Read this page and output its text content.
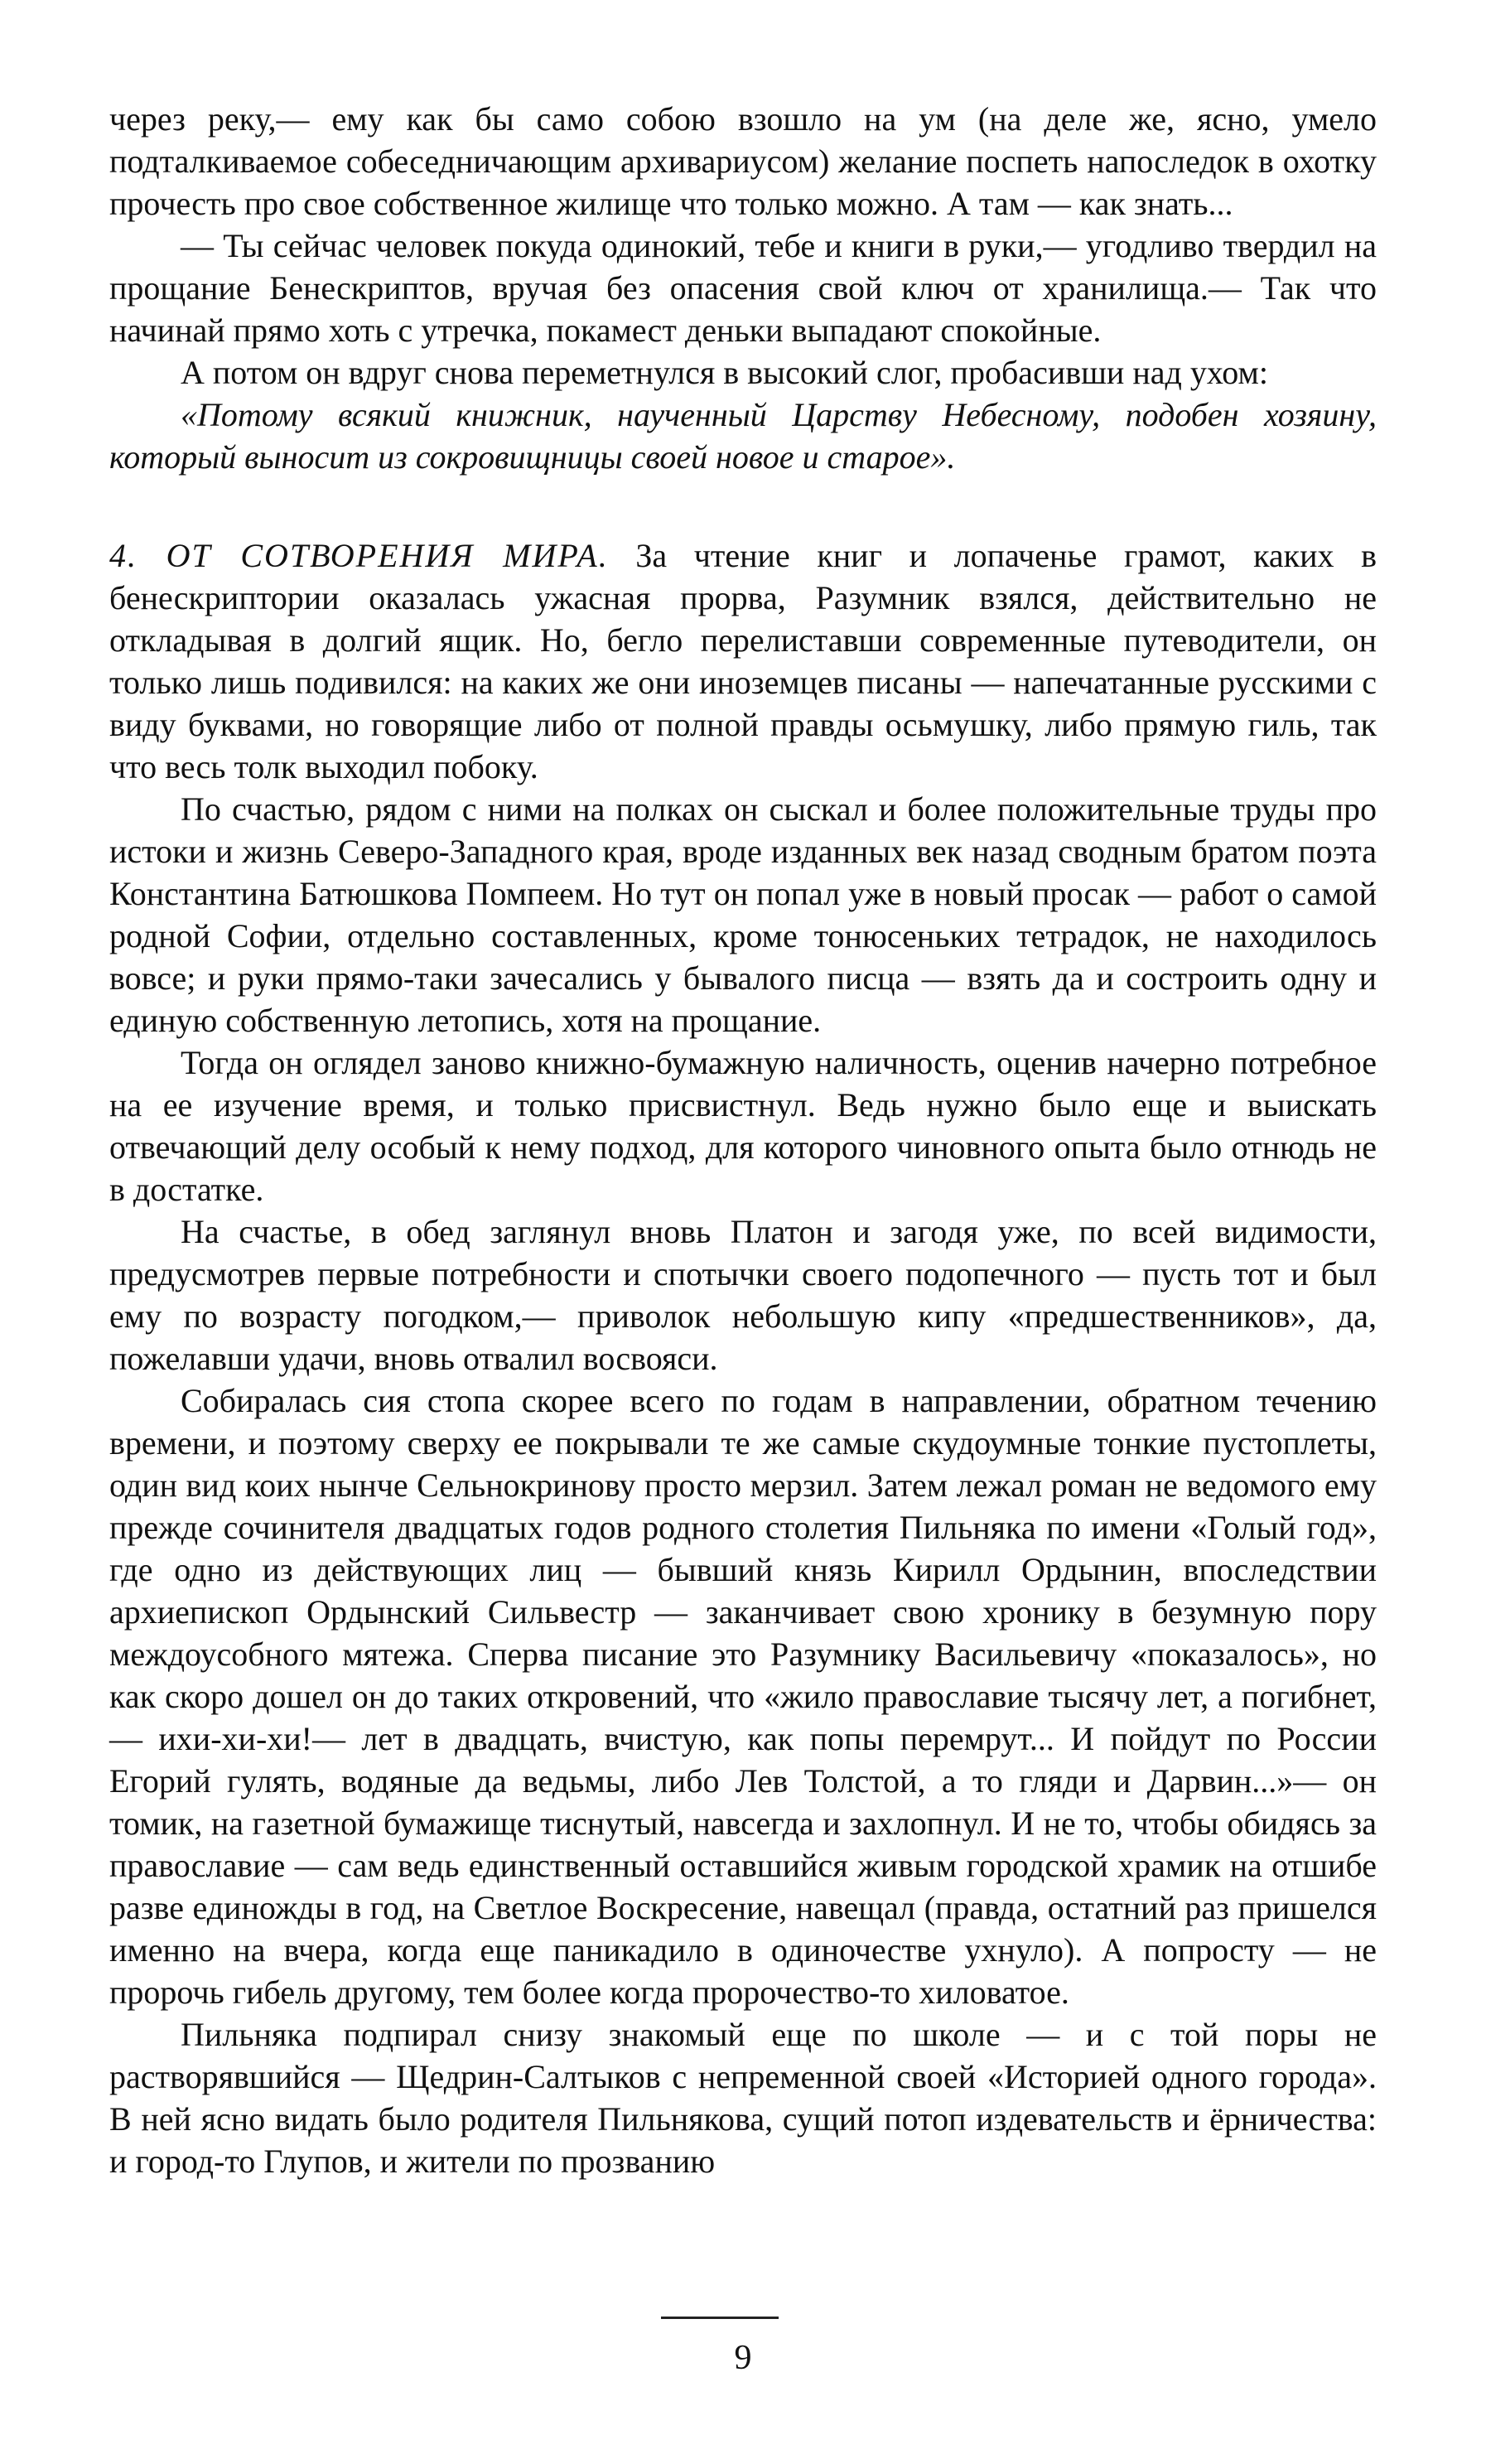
через реку,— ему как бы само собою взошло на ум (на деле же, ясно, умело подталкиваемое собеседничающим архивариусом) желание поспеть напоследок в охотку прочесть про свое собственное жилище что только можно. А там — как знать...

— Ты сейчас человек покуда одинокий, тебе и книги в руки,— угодливо твердил на прощание Бенескриптов, вручая без опасения свой ключ от хранилища.— Так что начинай прямо хоть с утречка, покамест деньки выпадают спокойные.

А потом он вдруг снова переметнулся в высокий слог, пробасивши над ухом:

«Потому всякий книжник, наученный Царству Небесному, подобен хозяину, который выносит из сокровищницы своей новое и старое».

4. ОТ СОТВОРЕНИЯ МИРА. За чтение книг и лопаченье грамот, каких в бенескриптории оказалась ужасная прорва, Разумник взялся, действительно не откладывая в долгий ящик. Но, бегло перелиставши современные путеводители, он только лишь подивился: на каких же они иноземцев писаны — напечатанные русскими с виду буквами, но говорящие либо от полной правды осьмушку, либо прямую гиль, так что весь толк выходил побоку.

По счастью, рядом с ними на полках он сыскал и более положительные труды про истоки и жизнь Северо-Западного края, вроде изданных век назад сводным братом поэта Константина Батюшкова Помпеем. Но тут он попал уже в новый просак — работ о самой родной Софии, отдельно составленных, кроме тонюсеньких тетрадок, не находилось вовсе; и руки прямо-таки зачесались у бывалого писца — взять да и состроить одну и единую собственную летопись, хотя на прощание.

Тогда он оглядел заново книжно-бумажную наличность, оценив начерно потребное на ее изучение время, и только присвистнул. Ведь нужно было еще и выискать отвечающий делу особый к нему подход, для которого чиновного опыта было отнюдь не в достатке.

На счастье, в обед заглянул вновь Платон и загодя уже, по всей видимости, предусмотрев первые потребности и спотычки своего подопечного — пусть тот и был ему по возрасту погодком,— приволок небольшую кипу «предшественников», да, пожелавши удачи, вновь отвалил восвояси.

Собиралась сия стопа скорее всего по годам в направлении, обратном течению времени, и поэтому сверху ее покрывали те же самые скудоумные тонкие пустоплеты, один вид коих нынче Сельнокринову просто мерзил. Затем лежал роман не ведомого ему прежде сочинителя двадцатых годов родного столетия Пильняка по имени «Голый год», где одно из действующих лиц — бывший князь Кирилл Ордынин, впоследствии архиепископ Ордынский Сильвестр — заканчивает свою хронику в безумную пору междоусобного мятежа. Сперва писание это Разумнику Васильевичу «показалось», но как скоро дошел он до таких откровений, что «жило православие тысячу лет, а погибнет,— ихи-хи-хи!— лет в двадцать, вчистую, как попы перемрут... И пойдут по России Егорий гулять, водяные да ведьмы, либо Лев Толстой, а то гляди и Дарвин...»— он томик, на газетной бумажище тиснутый, навсегда и захлопнул. И не то, чтобы обидясь за православие — сам ведь единственный оставшийся живым городской храмик на отшибе разве единожды в год, на Светлое Воскресение, навещал (правда, остатний раз пришелся именно на вчера, когда еще паникадило в одиночестве ухнуло). А попросту — не пророчь гибель другому, тем более когда пророчество-то хиловатое.

Пильняка подпирал снизу знакомый еще по школе — и с той поры не растворявшийся — Щедрин-Салтыков с непременной своей «Историей одного города». В ней ясно видать было родителя Пильнякова, сущий потоп издевательств и ёрничества: и город-то Глупов, и жители по прозванию

9
